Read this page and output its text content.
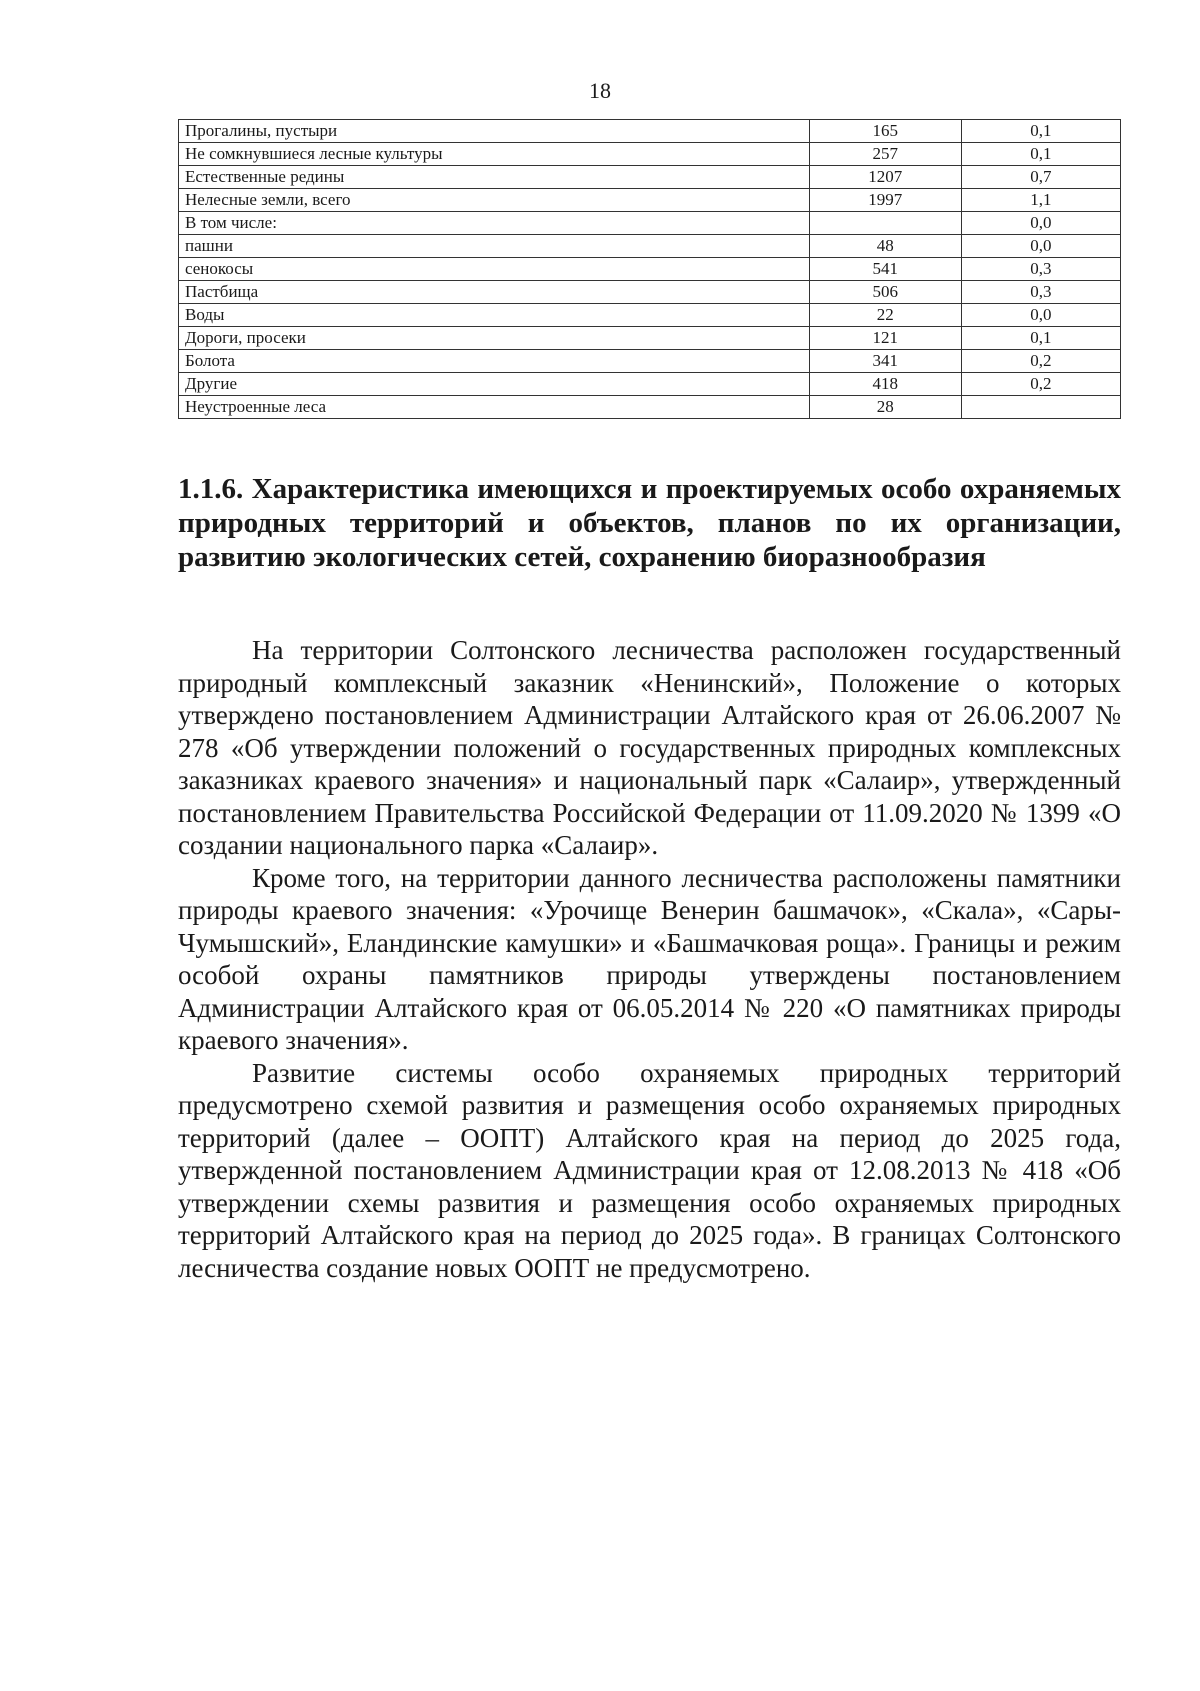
18
Прогалины, пустыри	165	0,1
Не сомкнувшиеся лесные культуры	257	0,1
Естественные редины	1207	0,7
Нелесные земли, всего	1997	1,1
В том числе:		0,0
пашни	48	0,0
сенокосы	541	0,3
Пастбища	506	0,3
Воды	22	0,0
Дороги, просеки	121	0,1
Болота	341	0,2
Другие	418	0,2
Неустроенные леса	28	
1.1.6. Характеристика имеющихся и проектируемых особо охраняемых природных территорий и объектов, планов по их организации, развитию экологических сетей, сохранению биоразнообразия

На территории Солтонского лесничества расположен государственный природный комплексный заказник «Ненинский», Положение о которых утверждено постановлением Администрации Алтайского края от 26.06.2007 № 278 «Об утверждении положений о государственных природных комплексных заказниках краевого значения» и национальный парк «Салаир», утвержденный постановлением Правительства Российской Федерации от 11.09.2020 № 1399 «О создании национального парка «Салаир».

Кроме того, на территории данного лесничества расположены памятники природы краевого значения: «Урочище Венерин башмачок», «Скала», «Сары-Чумышский», Еландинские камушки» и «Башмачковая роща». Границы и режим особой охраны памятников природы утверждены постановлением Администрации Алтайского края от 06.05.2014 № 220 «О памятниках природы краевого значения».

Развитие системы особо охраняемых природных территорий предусмотрено схемой развития и размещения особо охраняемых природных территорий (далее – ООПТ) Алтайского края на период до 2025 года, утвержденной постановлением Администрации края от 12.08.2013 № 418 «Об утверждении схемы развития и размещения особо охраняемых природных территорий Алтайского края на период до 2025 года». В границах Солтонского лесничества создание новых ООПТ не предусмотрено.
